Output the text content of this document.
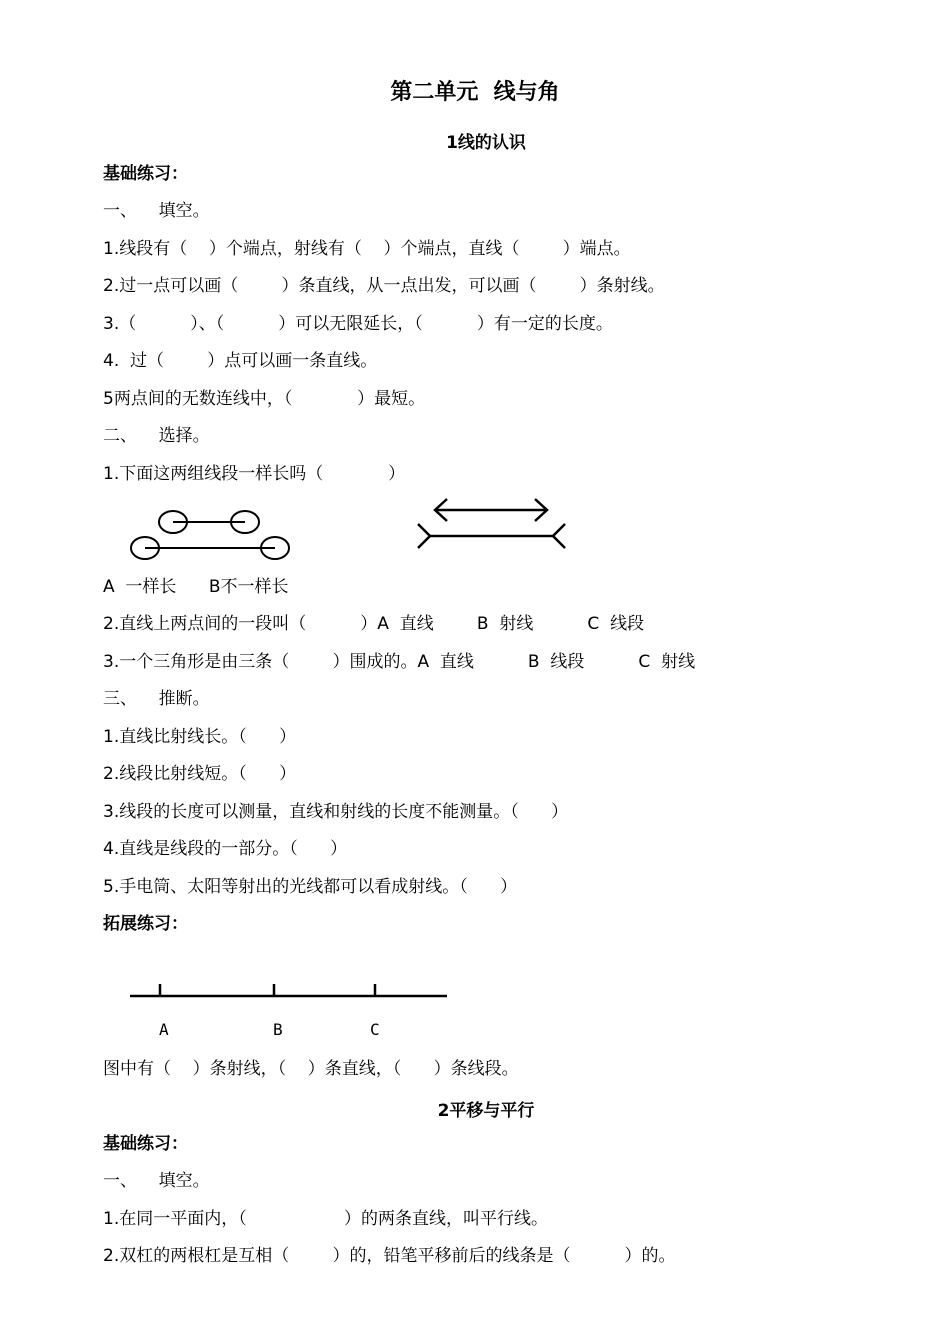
第二单元  线与角
1线的认识
基础练习：
一、    填空。
1.线段有（    ）个端点，射线有（    ）个端点，直线（        ）端点。
2.过一点可以画（        ）条直线，从一点出发，可以画（        ）条射线。
3.（          ）、（          ）可以无限延长，（          ）有一定的长度。
4.  过（        ）点可以画一条直线。
5两点间的无数连线中，（            ）最短。
二、    选择。
1.下面这两组线段一样长吗（            ）
A  一样长      B不一样长
2.直线上两点间的一段叫（          ）A  直线        B  射线          C  线段
3.一个三角形是由三条（        ）围成的。A  直线          B  线段          C  射线
三、    推断。
1.直线比射线长。（      ）
2.线段比射线短。（      ）
3.线段的长度可以测量，直线和射线的长度不能测量。（      ）
4.直线是线段的一部分。（      ）
5.手电筒、太阳等射出的光线都可以看成射线。（      ）
拓展练习：
A	B	C
图中有（    ）条射线，（    ）条直线，（      ）条线段。
2平移与平行
基础练习：
一、    填空。
1.在同一平面内，（                  ）的两条直线，叫平行线。
2.双杠的两根杠是互相（        ）的，铅笔平移前后的线条是（          ）的。
